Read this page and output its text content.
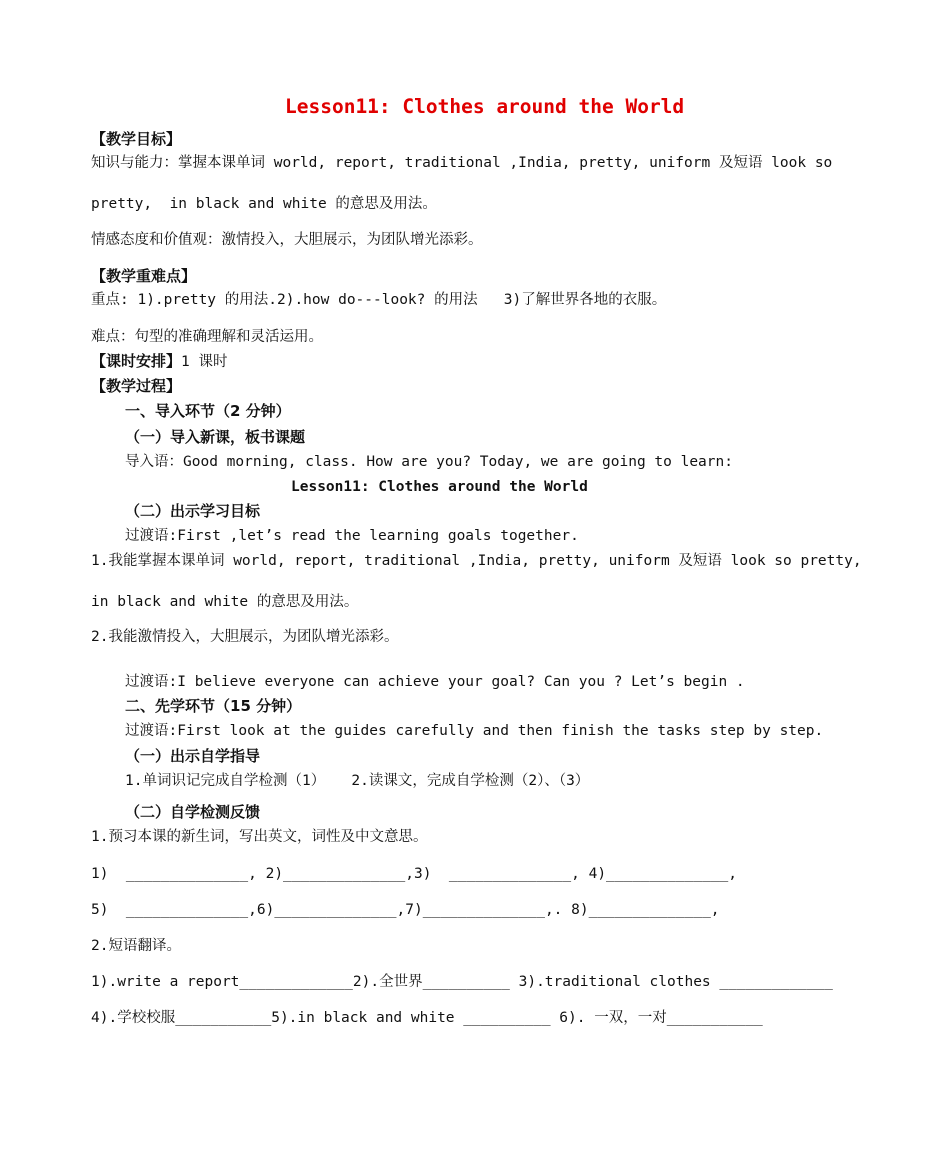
Lesson11: Clothes around the World
【教学目标】
知识与能力：掌握本课单词 world, report, traditional ,India, pretty, uniform 及短语 look so
pretty,  in black and white 的意思及用法。
情感态度和价值观：激情投入，大胆展示，为团队增光添彩。
【教学重难点】
重点: 1).pretty 的用法.2).how do---look? 的用法   3)了解世界各地的衣服。
难点：句型的准确理解和灵活运用。
【课时安排】1 课时
【教学过程】
一、导入环节（2 分钟）
（一）导入新课，板书课题
导入语：Good morning, class. How are you? Today, we are going to learn:
Lesson11: Clothes around the World
（二）出示学习目标
过渡语:First ,let’s read the learning goals together.
1.我能掌握本课单词 world, report, traditional ,India, pretty, uniform 及短语 look so pretty,
in black and white 的意思及用法。
2.我能激情投入，大胆展示，为团队增光添彩。
过渡语:I believe everyone can achieve your goal? Can you ? Let’s begin .
二、先学环节（15 分钟）
过渡语:First look at the guides carefully and then finish the tasks step by step.
（一）出示自学指导
1.单词识记完成自学检测（1）   2.读课文，完成自学检测（2）、（3）
（二）自学检测反馈
1.预习本课的新生词，写出英文，词性及中文意思。
1)  ______________, 2)______________,3)  ______________, 4)______________,
5)  ______________,6)______________,7)______________,. 8)______________,
2.短语翻译。
1).write a report_____________2).全世界__________ 3).traditional clothes _____________
4).学校校服___________5).in black and white __________ 6). 一双，一对___________
